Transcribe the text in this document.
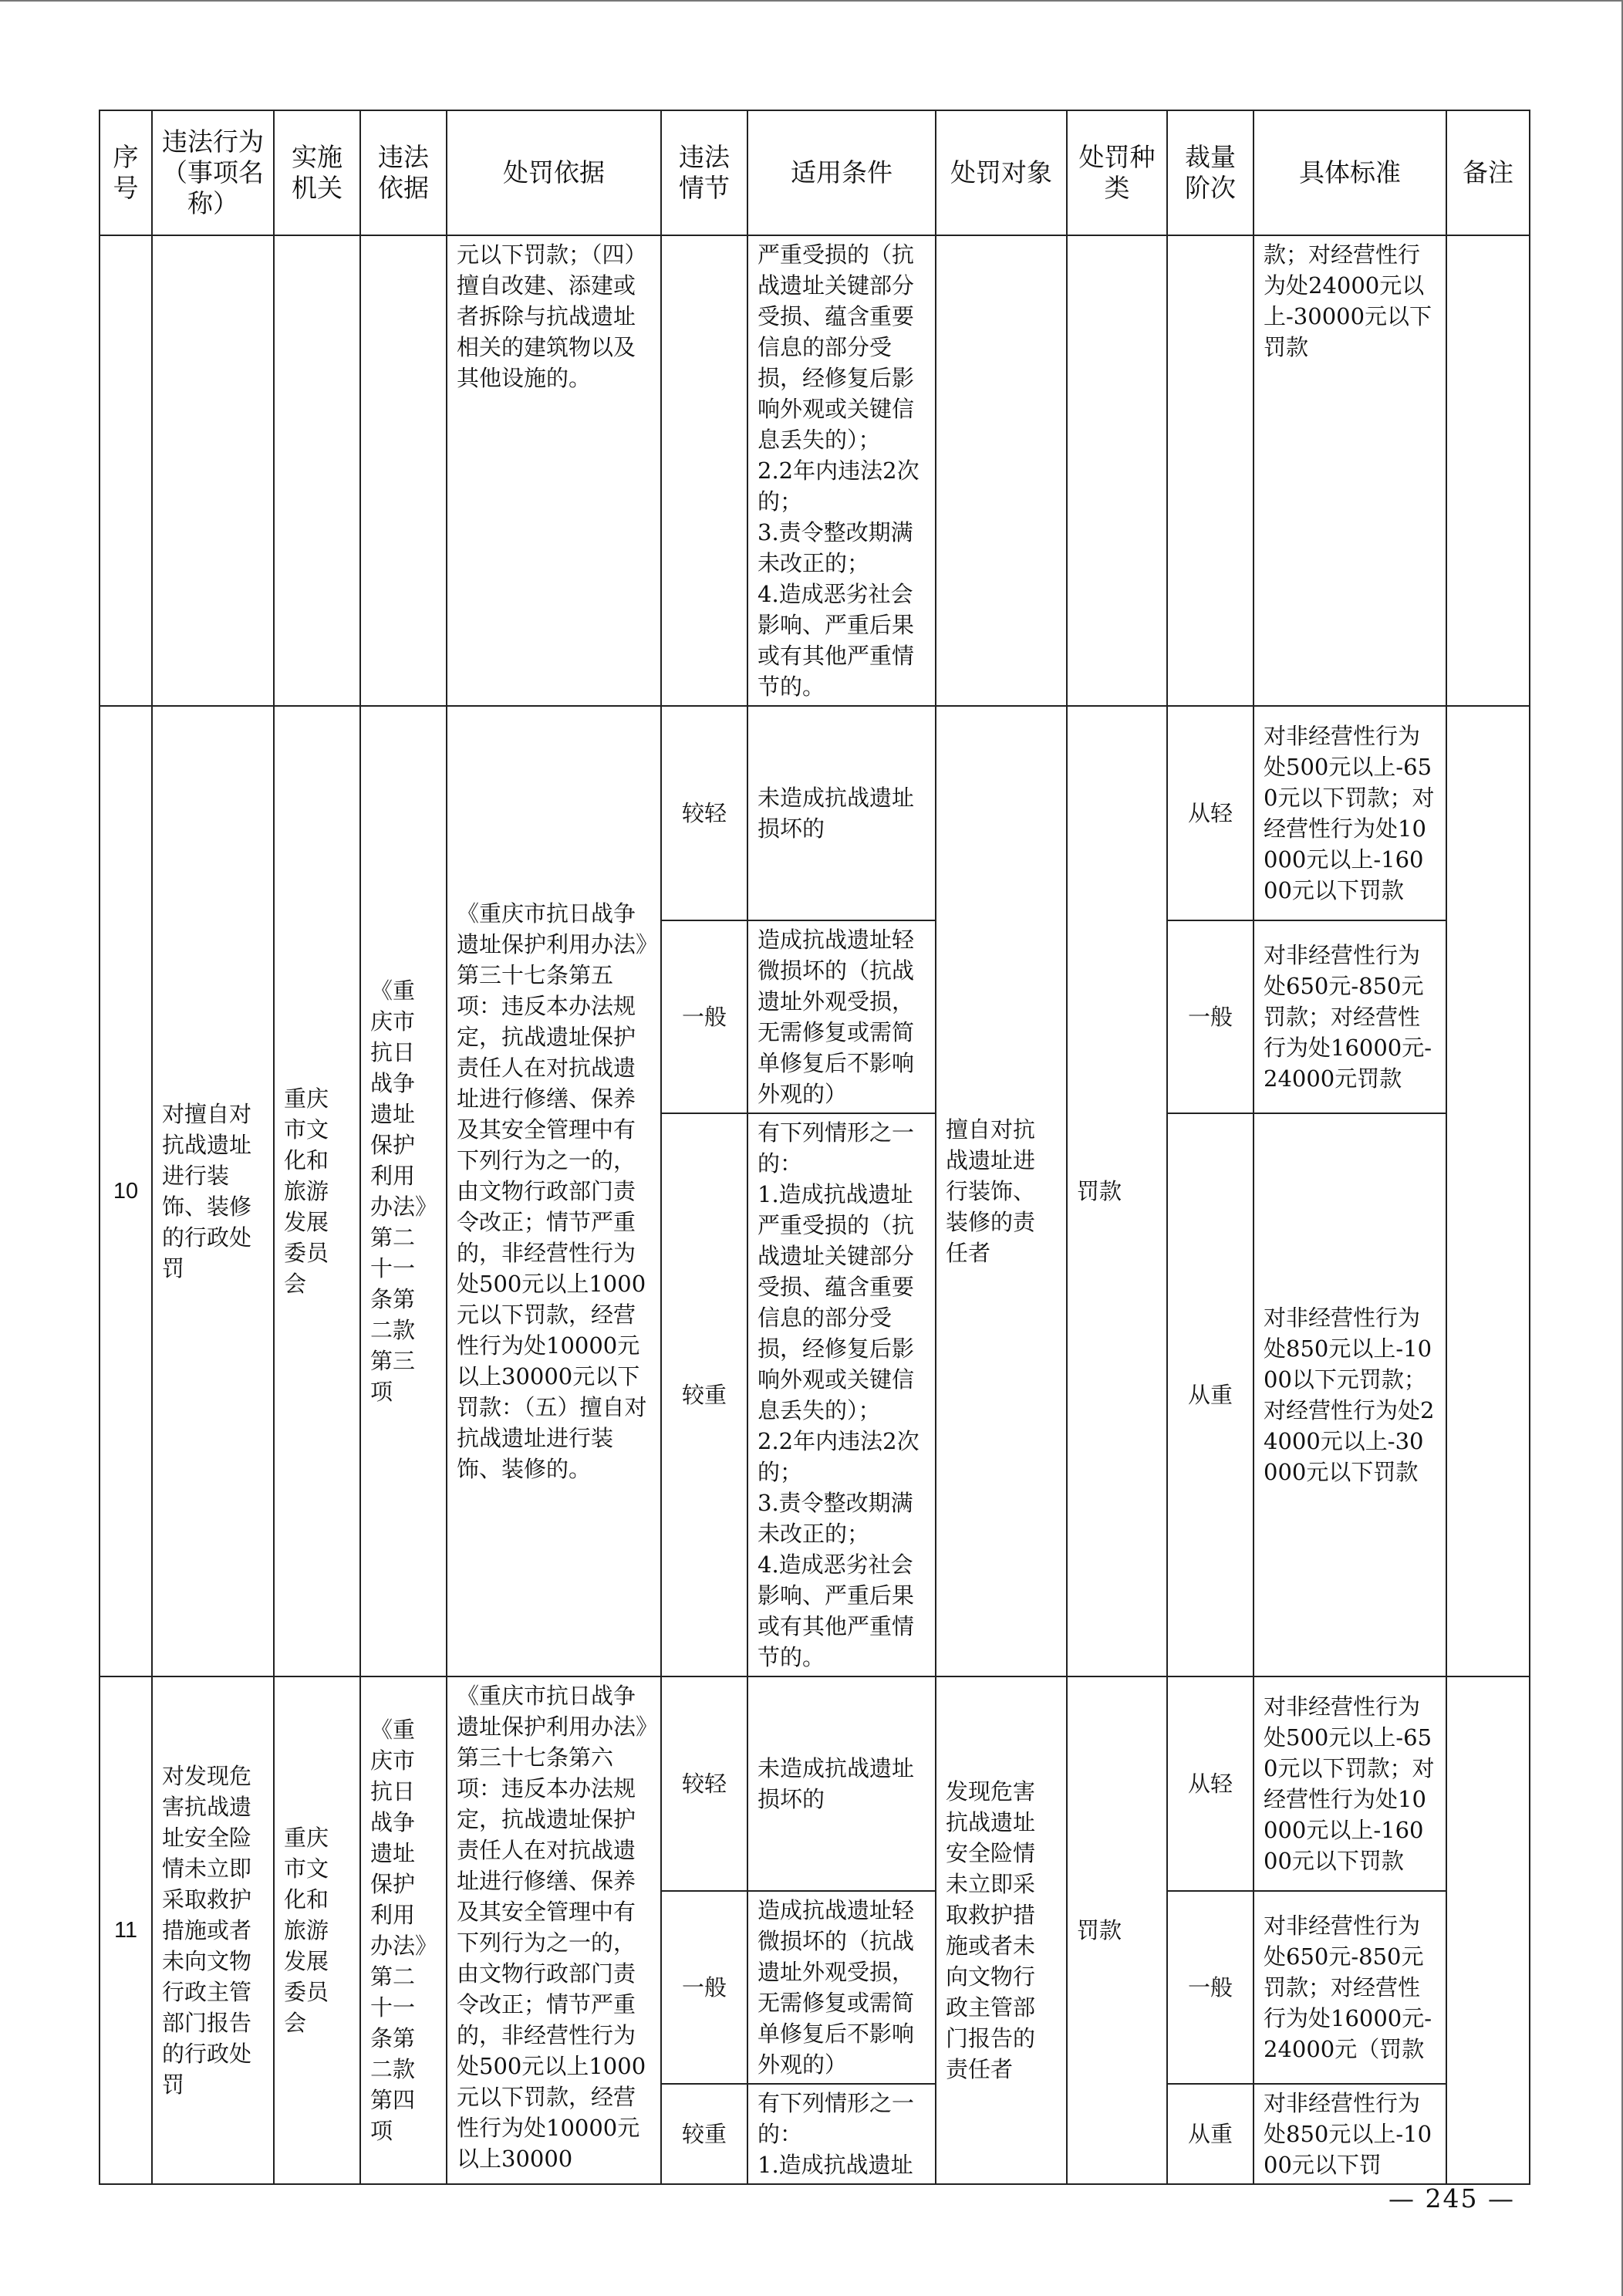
序号	违法行为（事项名称）	实施机关	违法依据	处罚依据	违法情节	适用条件	处罚对象	处罚种类	裁量阶次	具体标准	备注
				元以下罚款；（四）擅自改建、添建或者拆除与抗战遗址相关的建筑物以及其他设施的。		严重受损的（抗战遗址关键部分受损、蕴含重要信息的部分受损，经修复后影响外观或关键信息丢失的）；
2.2年内违法2次的；
3.责令整改期满未改正的；
4.造成恶劣社会影响、严重后果或有其他严重情节的。				款；对经营性行为处24000元以上-30000元以下罚款	
10	对擅自对抗战遗址进行装饰、装修的行政处罚	重庆市文化和旅游发展委员会	《重庆市抗日战争遗址保护利用办法》第二十一条第二款第三项	《重庆市抗日战争遗址保护利用办法》第三十七条第五项：违反本办法规定，抗战遗址保护责任人在对抗战遗址进行修缮、保养及其安全管理中有下列行为之一的，由文物行政部门责令改正；情节严重的，非经营性行为处500元以上1000元以下罚款，经营性行为处10000元以上30000元以下罚款：（五）擅自对抗战遗址进行装饰、装修的。	较轻	未造成抗战遗址损坏的	擅自对抗战遗址进行装饰、装修的责任者	罚款	从轻	对非经营性行为处500元以上-650元以下罚款；对经营性行为处10000元以上-16000元以下罚款	
					一般	造成抗战遗址轻微损坏的（抗战遗址外观受损，无需修复或需简单修复后不影响外观的）			一般	对非经营性行为处650元-850元罚款；对经营性行为处16000元-24000元罚款	
					较重	有下列情形之一的：
1.造成抗战遗址严重受损的（抗战遗址关键部分受损、蕴含重要信息的部分受损，经修复后影响外观或关键信息丢失的）；
2.2年内违法2次的；
3.责令整改期满未改正的；
4.造成恶劣社会影响、严重后果或有其他严重情节的。			从重	对非经营性行为处850元以上-1000以下元罚款；对经营性行为处24000元以上-30000元以下罚款	
11	对发现危害抗战遗址安全险情未立即采取救护措施或者未向文物行政主管部门报告的行政处罚	重庆市文化和旅游发展委员会	《重庆市抗日战争遗址保护利用办法》第二十一条第二款第四项	《重庆市抗日战争遗址保护利用办法》第三十七条第六项：违反本办法规定，抗战遗址保护责任人在对抗战遗址进行修缮、保养及其安全管理中有下列行为之一的，由文物行政部门责令改正；情节严重的，非经营性行为处500元以上1000元以下罚款，经营性行为处10000元以上30000	较轻	未造成抗战遗址损坏的	发现危害抗战遗址安全险情未立即采取救护措施或者未向文物行政主管部门报告的责任者	罚款	从轻	对非经营性行为处500元以上-650元以下罚款；对经营性行为处10000元以上-16000元以下罚款	
					一般	造成抗战遗址轻微损坏的（抗战遗址外观受损，无需修复或需简单修复后不影响外观的）			一般	对非经营性行为处650元-850元罚款；对经营性行为处16000元-24000元（罚款	
					较重	有下列情形之一的：
1.造成抗战遗址			从重	对非经营性行为处850元以上-1000元以下罚	
— 245 —
